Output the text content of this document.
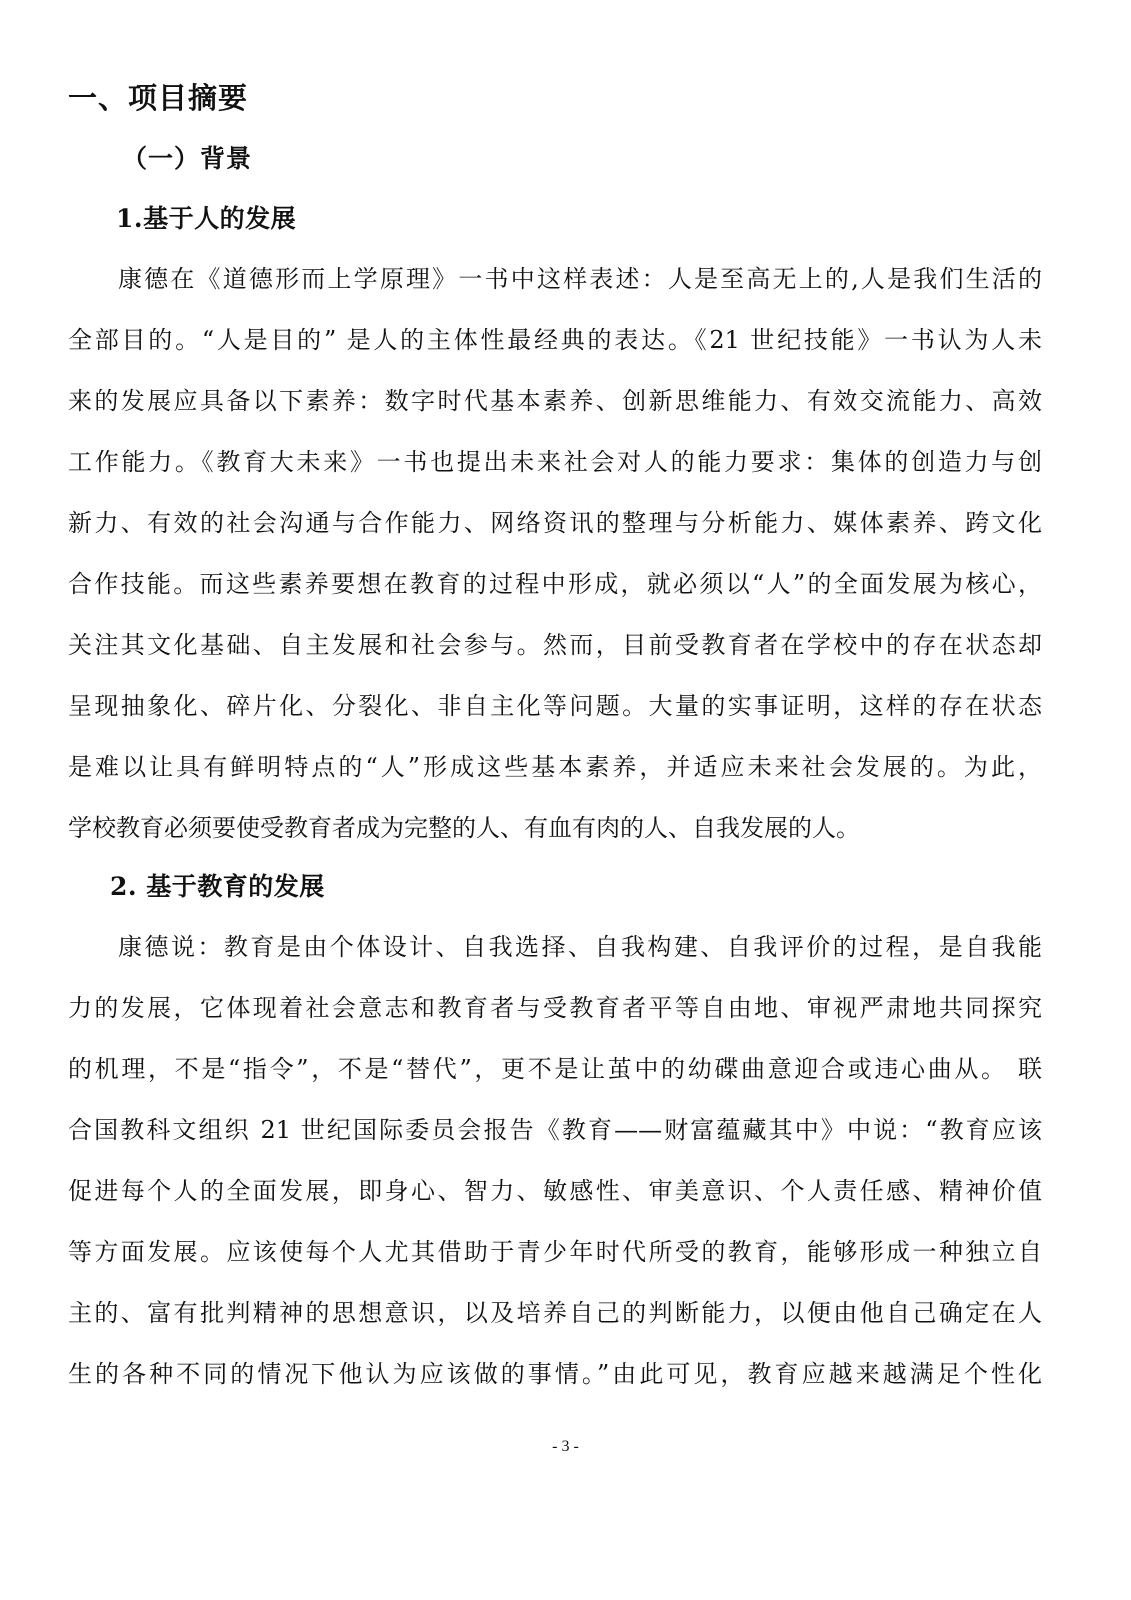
一、项目摘要
（一）背景
1.基于人的发展
康德在《道德形而上学原理》一书中这样表述：人是至高无上的,人是我们生活的
全部目的。“人是目的” 是人的主体性最经典的表达。《21 世纪技能》一书认为人未
来的发展应具备以下素养：数字时代基本素养、创新思维能力、有效交流能力、高效
工作能力。《教育大未来》一书也提出未来社会对人的能力要求：集体的创造力与创
新力、有效的社会沟通与合作能力、网络资讯的整理与分析能力、媒体素养、跨文化
合作技能。而这些素养要想在教育的过程中形成，就必须以“人”的全面发展为核心，
关注其文化基础、自主发展和社会参与。然而，目前受教育者在学校中的存在状态却
呈现抽象化、碎片化、分裂化、非自主化等问题。大量的实事证明，这样的存在状态
是难以让具有鲜明特点的“人”形成这些基本素养，并适应未来社会发展的。为此，
学校教育必须要使受教育者成为完整的人、有血有肉的人、自我发展的人。
2. 基于教育的发展
康德说：教育是由个体设计、自我选择、自我构建、自我评价的过程，是自我能
力的发展，它体现着社会意志和教育者与受教育者平等自由地、审视严肃地共同探究
的机理，不是“指令”，不是“替代”，更不是让茧中的幼碟曲意迎合或违心曲从。 联
合国教科文组织 21 世纪国际委员会报告《教育——财富蕴藏其中》中说：“教育应该
促进每个人的全面发展，即身心、智力、敏感性、审美意识、个人责任感、精神价值
等方面发展。应该使每个人尤其借助于青少年时代所受的教育，能够形成一种独立自
主的、富有批判精神的思想意识，以及培养自己的判断能力，以便由他自己确定在人
生的各种不同的情况下他认为应该做的事情。”由此可见，教育应越来越满足个性化
- 3 -
